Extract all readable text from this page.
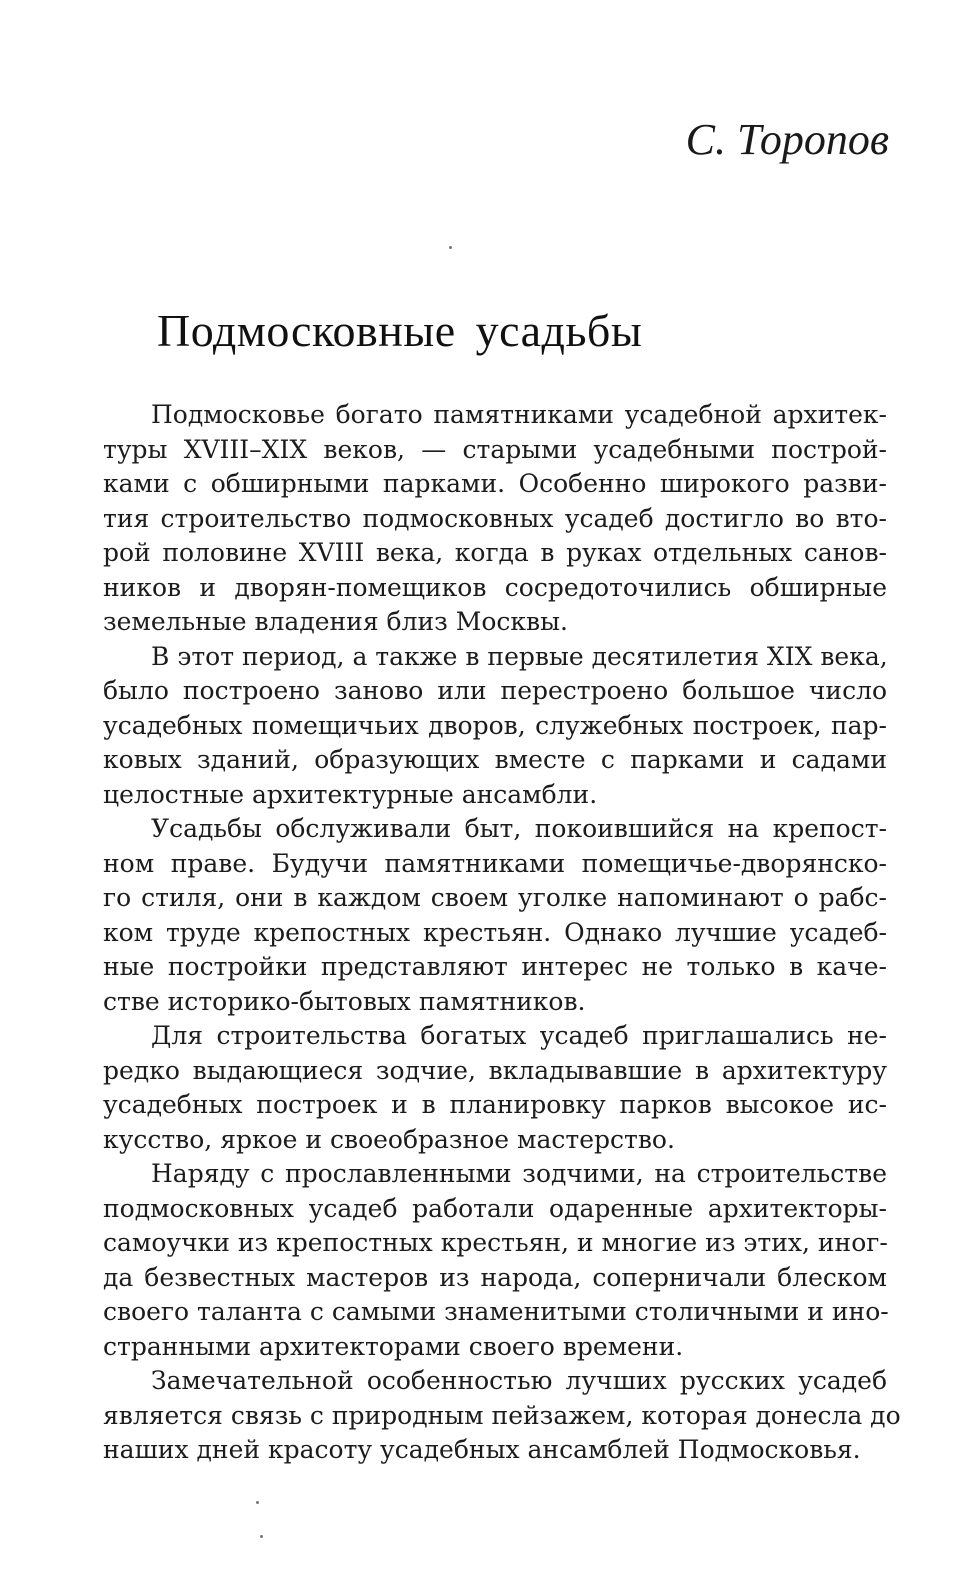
С. Торопов
Подмосковные усадьбы
Подмосковье богато памятниками усадебной архитек-
туры XVIII–XIX веков, — старыми усадебными построй-
ками с обширными парками. Особенно широкого разви-
тия строительство подмосковных усадеб достигло во вто-
рой половине XVIII века, когда в руках отдельных санов-
ников и дворян-помещиков сосредоточились обширные
земельные владения близ Москвы.
В этот период, а также в первые десятилетия XIX века,
было построено заново или перестроено большое число
усадебных помещичьих дворов, служебных построек, пар-
ковых зданий, образующих вместе с парками и садами
целостные архитектурные ансамбли.
Усадьбы обслуживали быт, покоившийся на крепост-
ном праве. Будучи памятниками помещичье-дворянско-
го стиля, они в каждом своем уголке напоминают о рабс-
ком труде крепостных крестьян. Однако лучшие усадеб-
ные постройки представляют интерес не только в каче-
стве историко-бытовых памятников.
Для строительства богатых усадеб приглашались не-
редко выдающиеся зодчие, вкладывавшие в архитектуру
усадебных построек и в планировку парков высокое ис-
кусство, яркое и своеобразное мастерство.
Наряду с прославленными зодчими, на строительстве
подмосковных усадеб работали одаренные архитекторы-
самоучки из крепостных крестьян, и многие из этих, иног-
да безвестных мастеров из народа, соперничали блеском
своего таланта с самыми знаменитыми столичными и ино-
странными архитекторами своего времени.
Замечательной особенностью лучших русских усадеб
является связь с природным пейзажем, которая донесла до
наших дней красоту усадебных ансамблей Подмосковья.
